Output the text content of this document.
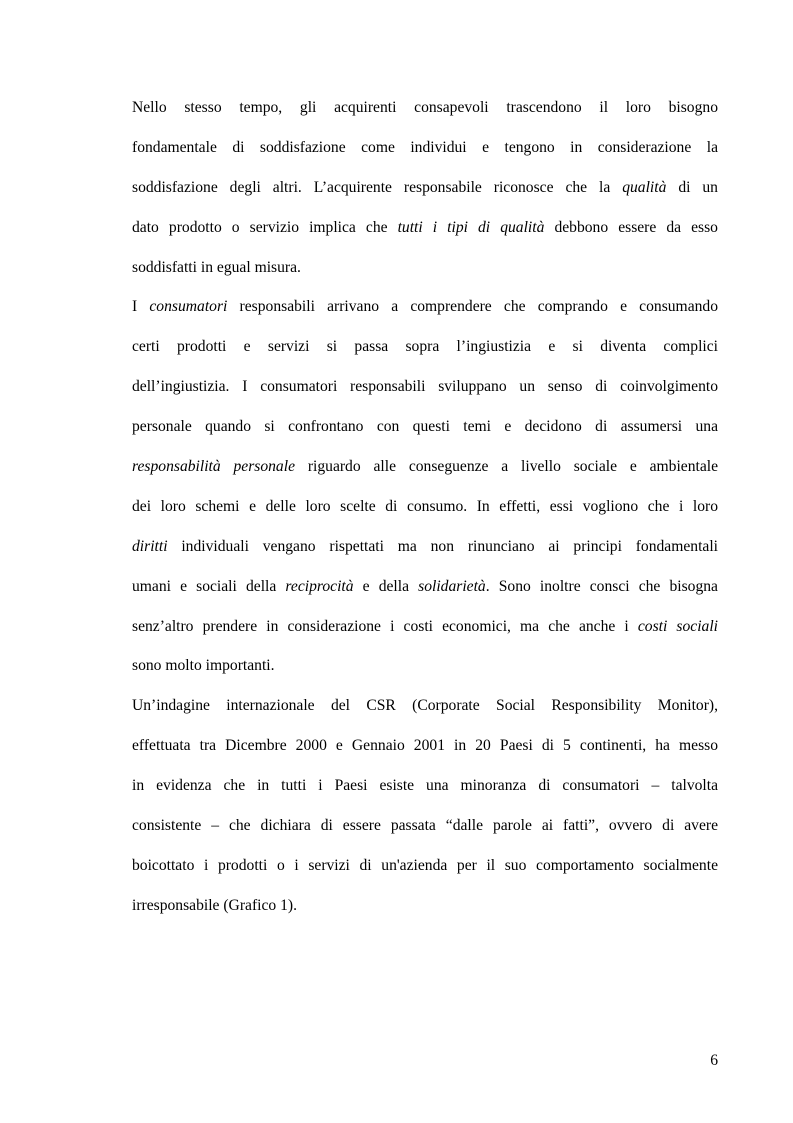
Nello stesso tempo, gli acquirenti consapevoli trascendono il loro bisogno
fondamentale di soddisfazione come individui e tengono in considerazione la
soddisfazione degli altri. L’acquirente responsabile riconosce che la qualità di un
dato prodotto o servizio implica che tutti i tipi di qualità debbono essere da esso
soddisfatti in egual misura.
I consumatori responsabili arrivano a comprendere che comprando e consumando
certi prodotti e servizi si passa sopra l’ingiustizia e si diventa complici
dell’ingiustizia. I consumatori responsabili sviluppano un senso di coinvolgimento
personale quando si confrontano con questi temi e decidono di assumersi una
responsabilità personale riguardo alle conseguenze a livello sociale e ambientale
dei loro schemi e delle loro scelte di consumo. In effetti, essi vogliono che i loro
diritti individuali vengano rispettati ma non rinunciano ai principi fondamentali
umani e sociali della reciprocità e della solidarietà. Sono inoltre consci che bisogna
senz’altro prendere in considerazione i costi economici, ma che anche i costi sociali
sono molto importanti.
Un’indagine internazionale del CSR (Corporate Social Responsibility Monitor),
effettuata tra Dicembre 2000 e Gennaio 2001 in 20 Paesi di 5 continenti, ha messo
in evidenza che in tutti i Paesi esiste una minoranza di consumatori – talvolta
consistente – che dichiara di essere passata “dalle parole ai fatti”, ovvero di avere
boicottato i prodotti o i servizi di un'azienda per il suo comportamento socialmente
irresponsabile (Grafico 1).
6
